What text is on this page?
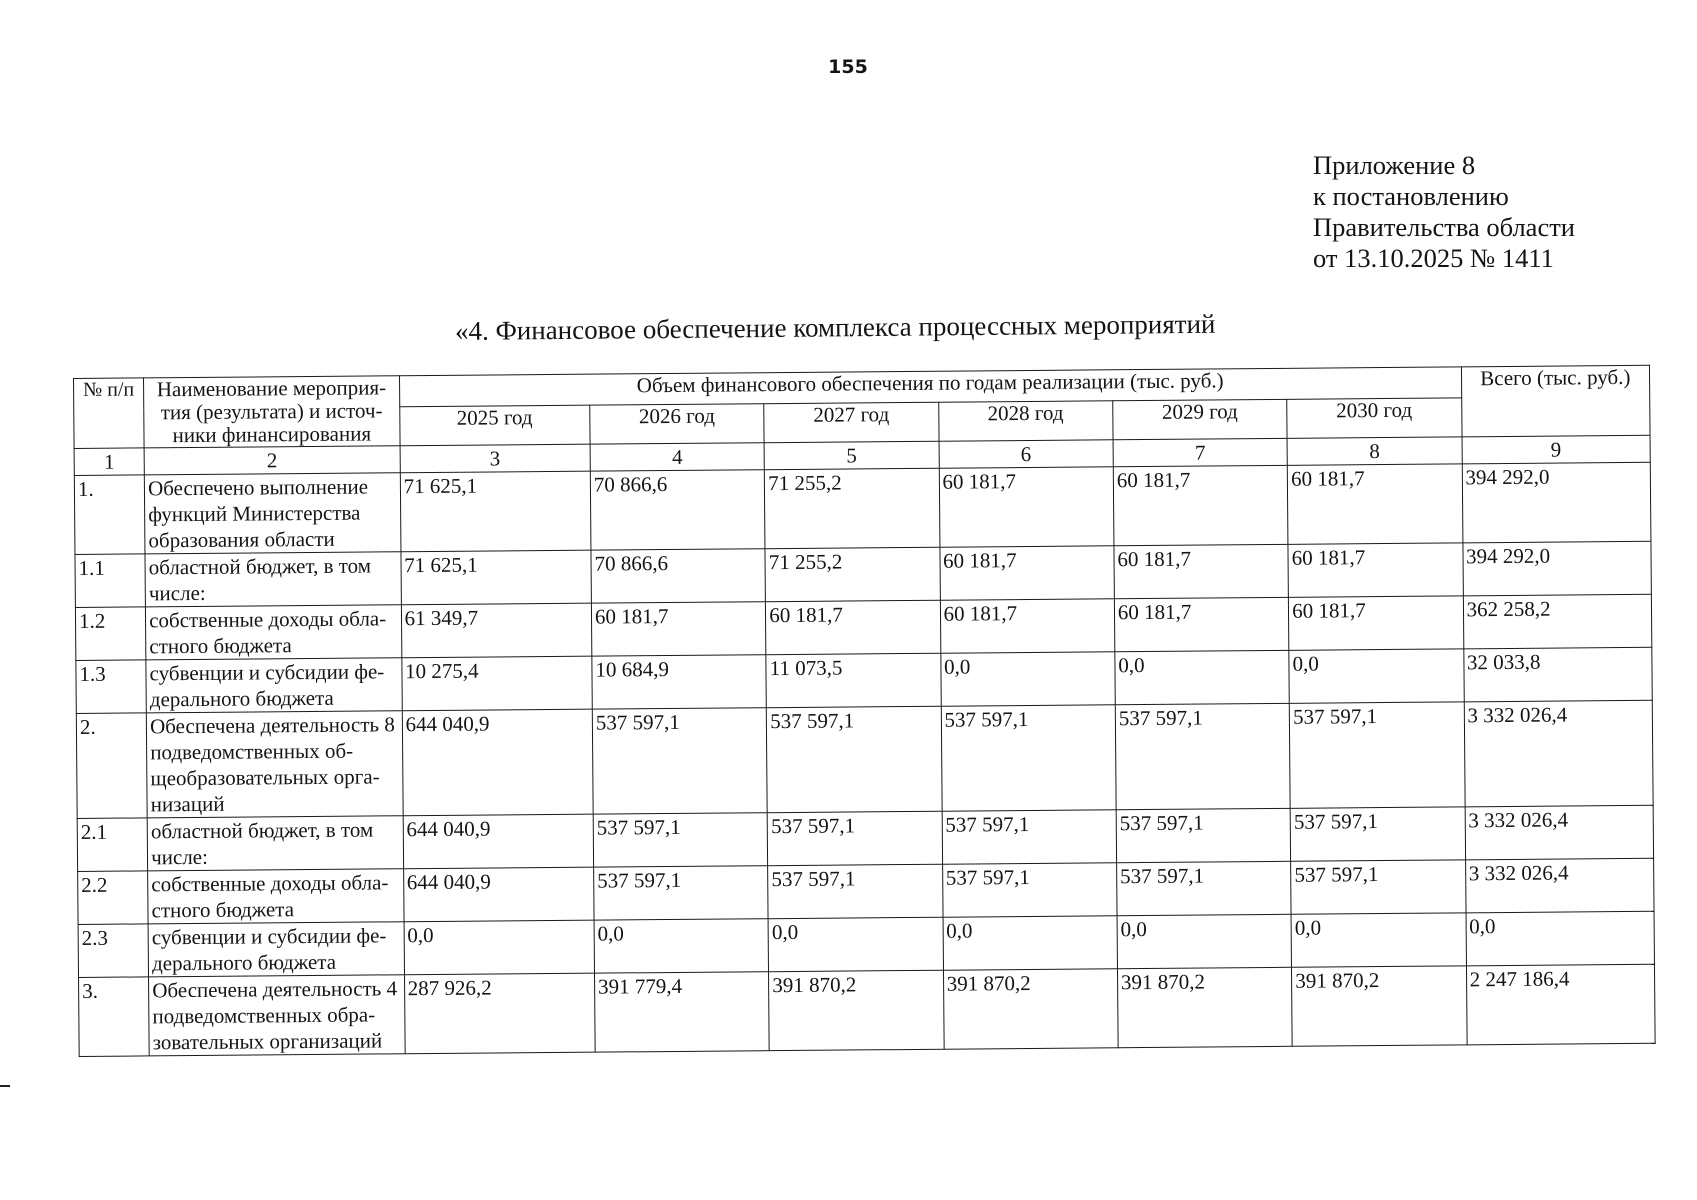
155
Приложение 8
к постановлению
Правительства области
от 13.10.2025 № 1411
«4. Финансовое обеспечение комплекса процессных мероприятий
№ п/п	Наименование мероприя-тия (результата) и источ-ники финансирования	Объем финансового обеспечения по годам реализации (тыс. руб.)						Всего (тыс. руб.)
		2025 год	2026 год	2027 год	2028 год	2029 год	2030 год	
1	2	3	4	5	6	7	8	9
1.	Обеспечено выполнение функций Министерства образования области	71 625,1	70 866,6	71 255,2	60 181,7	60 181,7	60 181,7	394 292,0
1.1	областной бюджет, в том числе:	71 625,1	70 866,6	71 255,2	60 181,7	60 181,7	60 181,7	394 292,0
1.2	собственные доходы обла-стного бюджета	61 349,7	60 181,7	60 181,7	60 181,7	60 181,7	60 181,7	362 258,2
1.3	субвенции и субсидии фе-дерального бюджета	10 275,4	10 684,9	11 073,5	0,0	0,0	0,0	32 033,8
2.	Обеспечена деятельность 8 подведомственных об-щеобразовательных орга-низаций	644 040,9	537 597,1	537 597,1	537 597,1	537 597,1	537 597,1	3 332 026,4
2.1	областной бюджет, в том числе:	644 040,9	537 597,1	537 597,1	537 597,1	537 597,1	537 597,1	3 332 026,4
2.2	собственные доходы обла-стного бюджета	644 040,9	537 597,1	537 597,1	537 597,1	537 597,1	537 597,1	3 332 026,4
2.3	субвенции и субсидии фе-дерального бюджета	0,0	0,0	0,0	0,0	0,0	0,0	0,0
3.	Обеспечена деятельность 4 подведомственных обра-зовательных организаций	287 926,2	391 779,4	391 870,2	391 870,2	391 870,2	391 870,2	2 247 186,4
